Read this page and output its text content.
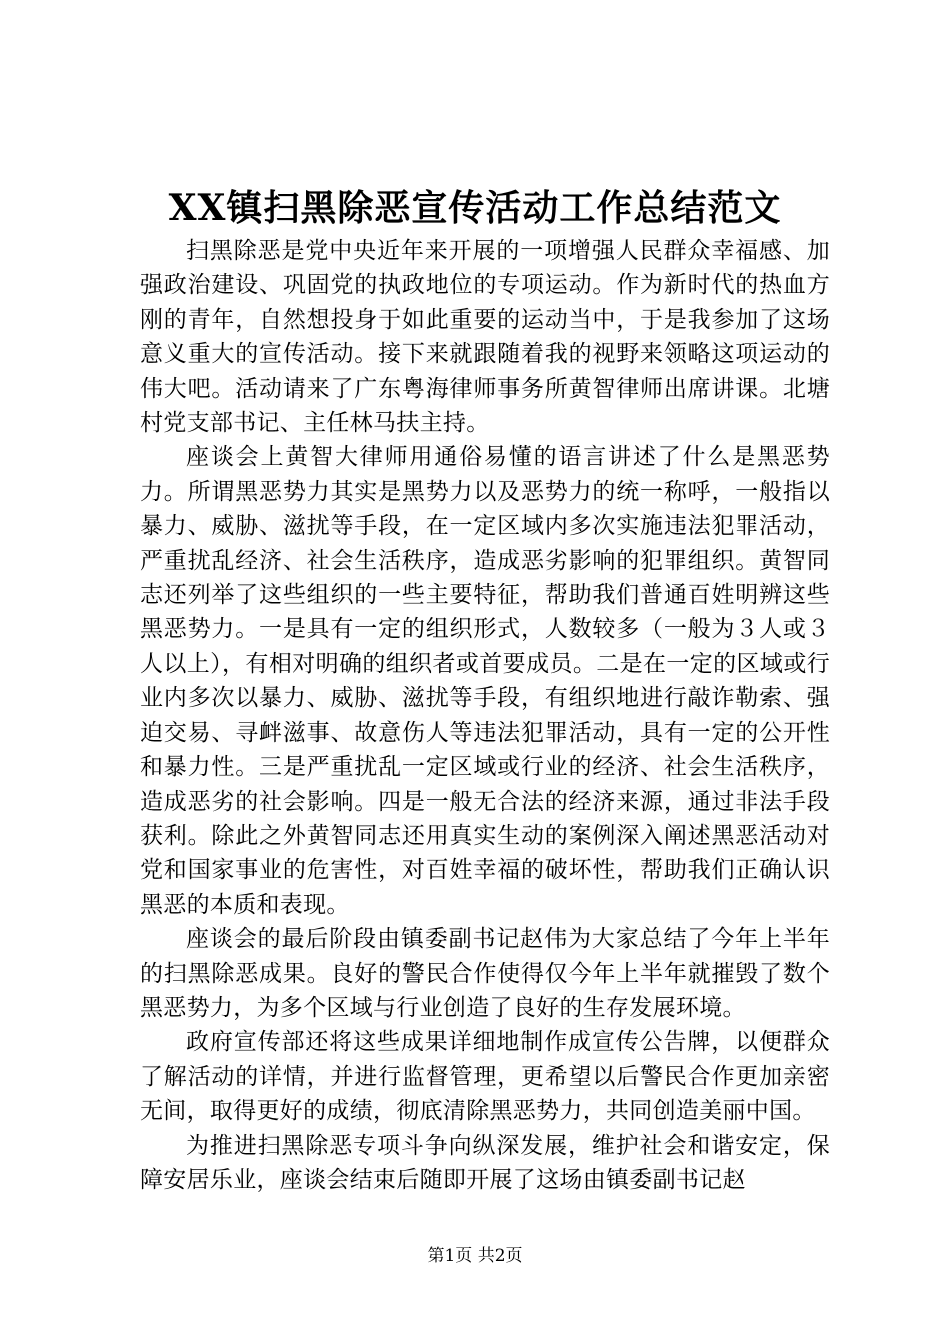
XX镇扫黑除恶宣传活动工作总结范文

扫黑除恶是党中央近年来开展的一项增强人民群众幸福感、加强政治建设、巩固党的执政地位的专项运动。作为新时代的热血方刚的青年，自然想投身于如此重要的运动当中，于是我参加了这场意义重大的宣传活动。接下来就跟随着我的视野来领略这项运动的伟大吧。活动请来了广东粤海律师事务所黄智律师出席讲课。北塘村党支部书记、主任林马扶主持。

座谈会上黄智大律师用通俗易懂的语言讲述了什么是黑恶势力。所谓黑恶势力其实是黑势力以及恶势力的统一称呼，一般指以暴力、威胁、滋扰等手段，在一定区域内多次实施违法犯罪活动，严重扰乱经济、社会生活秩序，造成恶劣影响的犯罪组织。黄智同志还列举了这些组织的一些主要特征，帮助我们普通百姓明辨这些黑恶势力。一是具有一定的组织形式，人数较多（一般为３人或３人以上），有相对明确的组织者或首要成员。二是在一定的区域或行业内多次以暴力、威胁、滋扰等手段，有组织地进行敲诈勒索、强迫交易、寻衅滋事、故意伤人等违法犯罪活动，具有一定的公开性和暴力性。三是严重扰乱一定区域或行业的经济、社会生活秩序，造成恶劣的社会影响。四是一般无合法的经济来源，通过非法手段获利。除此之外黄智同志还用真实生动的案例深入阐述黑恶活动对党和国家事业的危害性，对百姓幸福的破坏性，帮助我们正确认识黑恶的本质和表现。

座谈会的最后阶段由镇委副书记赵伟为大家总结了今年上半年的扫黑除恶成果。良好的警民合作使得仅今年上半年就摧毁了数个黑恶势力，为多个区域与行业创造了良好的生存发展环境。

政府宣传部还将这些成果详细地制作成宣传公告牌，以便群众了解活动的详情，并进行监督管理，更希望以后警民合作更加亲密无间，取得更好的成绩，彻底清除黑恶势力，共同创造美丽中国。

为推进扫黑除恶专项斗争向纵深发展，维护社会和谐安定，保障安居乐业，座谈会结束后随即开展了这场由镇委副书记赵

第1页 共2页
